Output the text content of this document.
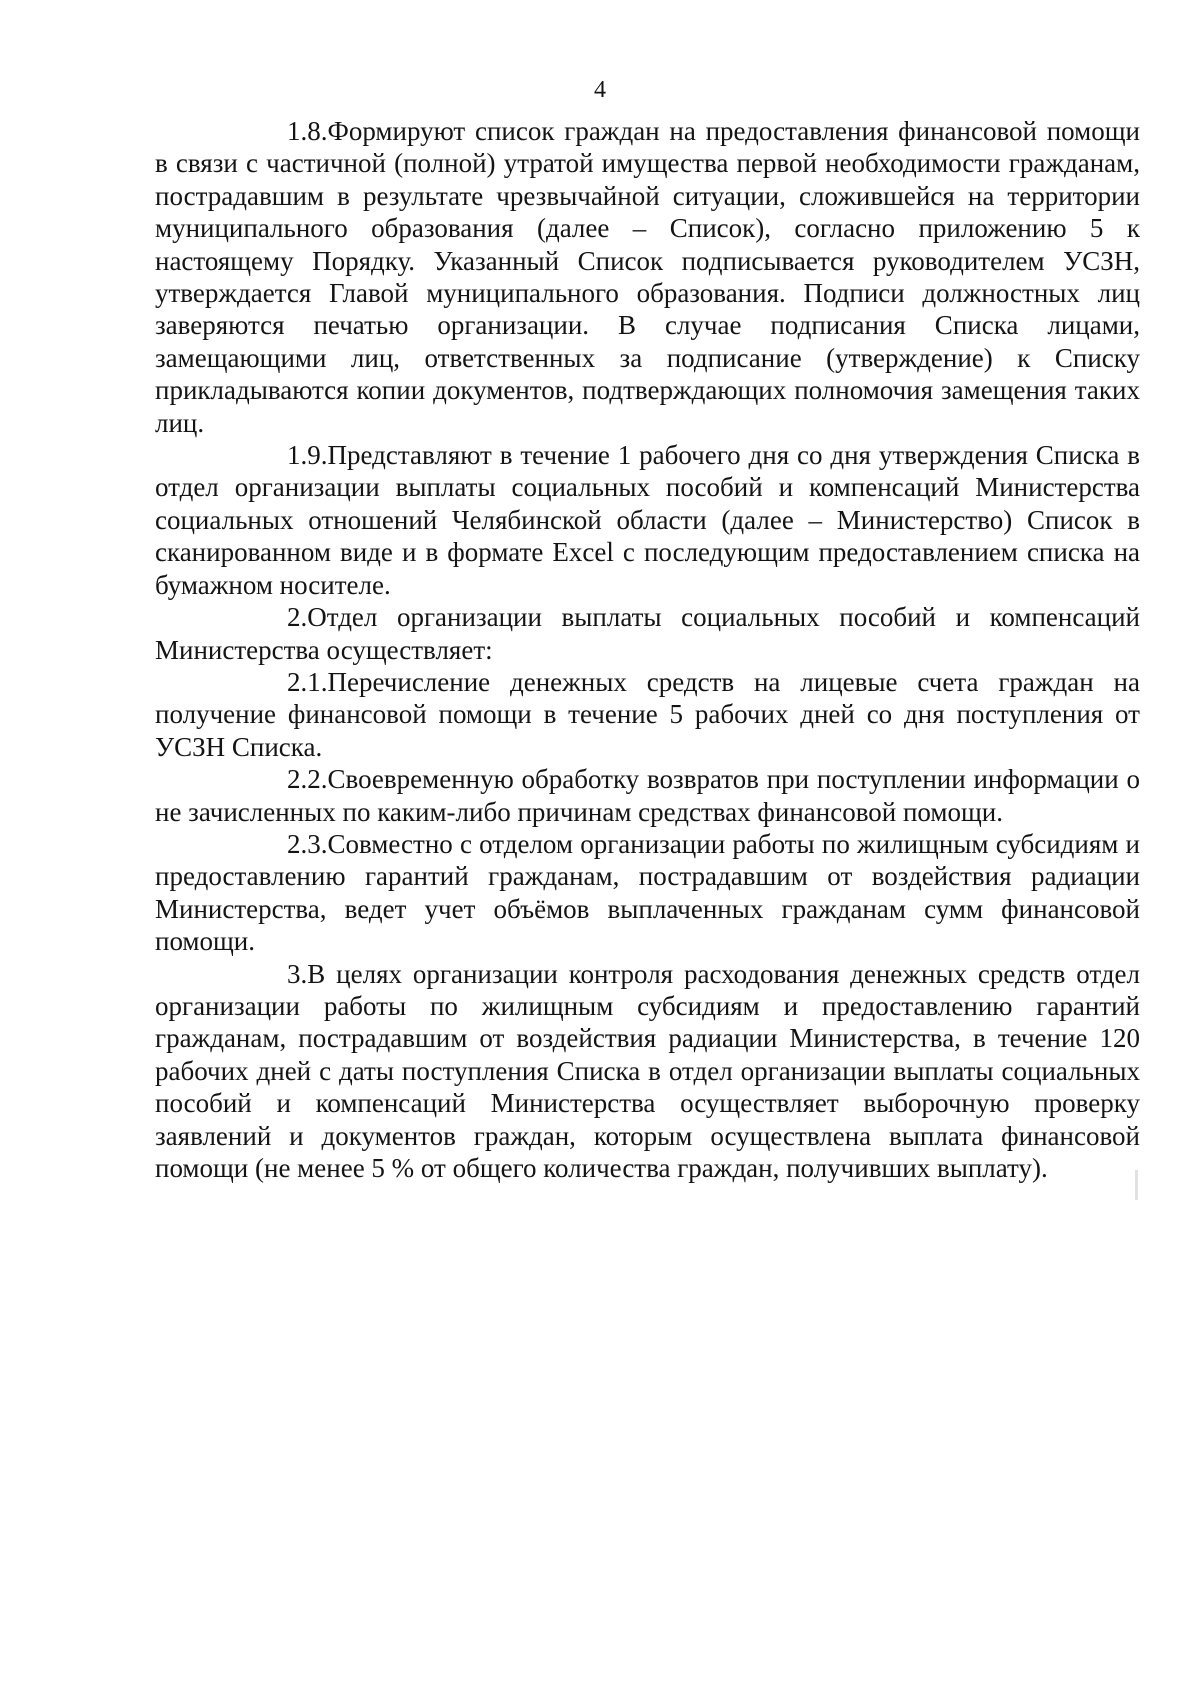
4

1.8.Формируют список граждан на предоставления финансовой помощи в связи с частичной (полной) утратой имущества первой необходимости гражданам, пострадавшим в результате чрезвычайной ситуации, сложившейся на территории муниципального образования (далее – Список), согласно приложению 5 к настоящему Порядку. Указанный Список подписывается руководителем УСЗН, утверждается Главой муниципального образования. Подписи должностных лиц заверяются печатью организации. В случае подписания Списка лицами, замещающими лиц, ответственных за подписание (утверждение) к Списку прикладываются копии документов, подтверждающих полномочия замещения таких лиц.

1.9.Представляют в течение 1 рабочего дня со дня утверждения Списка в отдел организации выплаты социальных пособий и компенсаций Министерства социальных отношений Челябинской области (далее – Министерство) Список в сканированном виде и в формате Excel с последующим предоставлением списка на бумажном носителе.

2.Отдел организации выплаты социальных пособий и компенсаций Министерства осуществляет:

2.1.Перечисление денежных средств на лицевые счета граждан на получение финансовой помощи в течение 5 рабочих дней со дня поступления от УСЗН Списка.

2.2.Своевременную обработку возвратов при поступлении информации о не зачисленных по каким-либо причинам средствах финансовой помощи.

2.3.Совместно с отделом организации работы по жилищным субсидиям и предоставлению гарантий гражданам, пострадавшим от воздействия радиации Министерства, ведет учет объёмов выплаченных гражданам сумм финансовой помощи.

3.В целях организации контроля расходования денежных средств отдел организации работы по жилищным субсидиям и предоставлению гарантий гражданам, пострадавшим от воздействия радиации Министерства, в течение 120 рабочих дней с даты поступления Списка в отдел организации выплаты социальных пособий и компенсаций Министерства осуществляет выборочную проверку заявлений и документов граждан, которым осуществлена выплата финансовой помощи (не менее 5 % от общего количества граждан, получивших выплату).
